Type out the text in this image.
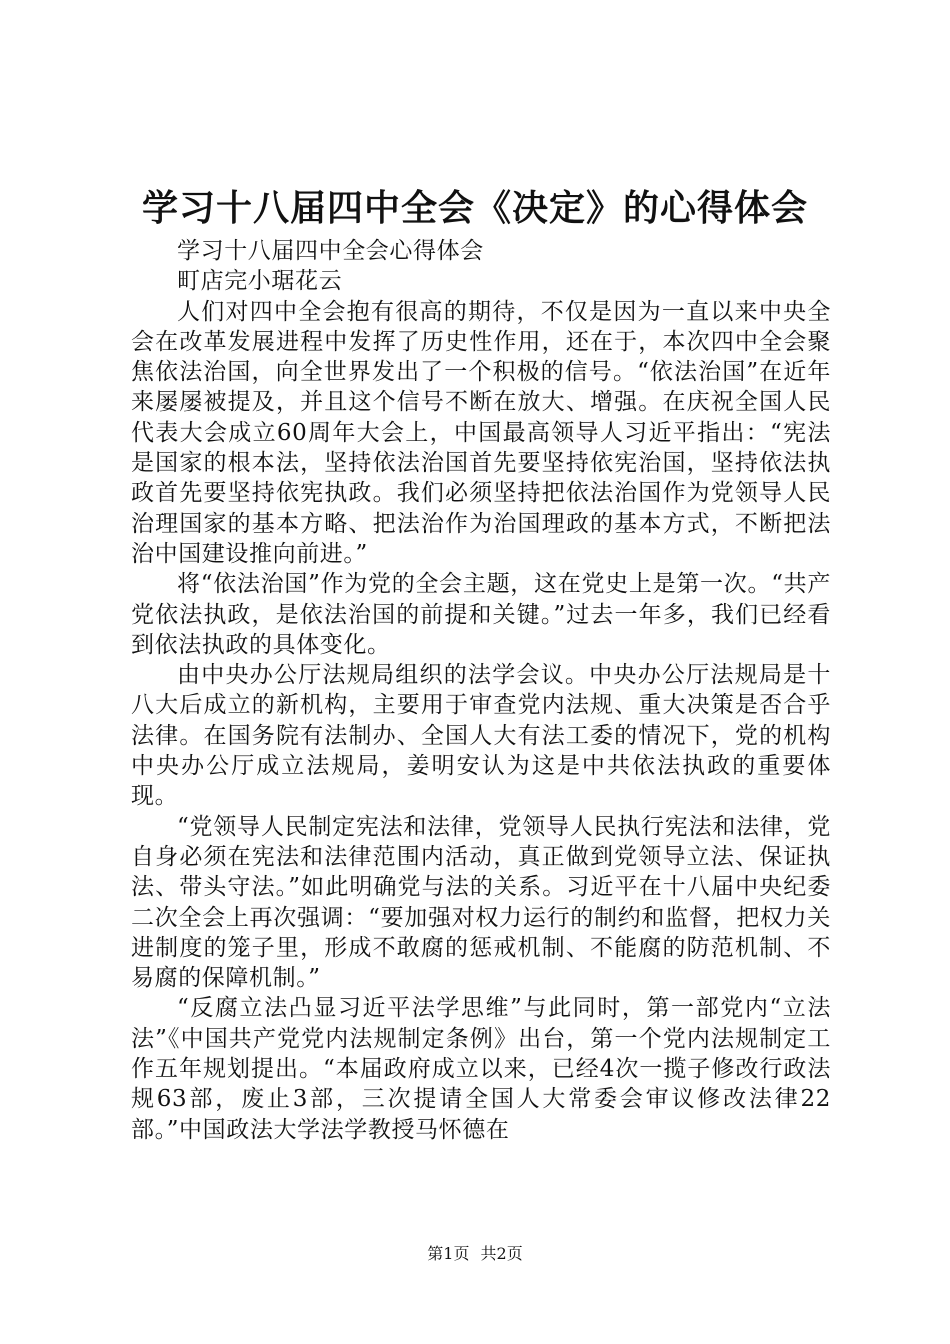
学习十八届四中全会《决定》的心得体会

学习十八届四中全会心得体会

町店完小琚花云

人们对四中全会抱有很高的期待，不仅是因为一直以来中央全会在改革发展进程中发挥了历史性作用，还在于，本次四中全会聚焦依法治国，向全世界发出了一个积极的信号。“依法治国”在近年来屡屡被提及，并且这个信号不断在放大、增强。在庆祝全国人民代表大会成立60周年大会上，中国最高领导人习近平指出：“宪法是国家的根本法，坚持依法治国首先要坚持依宪治国，坚持依法执政首先要坚持依宪执政。我们必须坚持把依法治国作为党领导人民治理国家的基本方略、把法治作为治国理政的基本方式，不断把法治中国建设推向前进。”

将“依法治国”作为党的全会主题，这在党史上是第一次。“共产党依法执政，是依法治国的前提和关键。”过去一年多，我们已经看到依法执政的具体变化。

由中央办公厅法规局组织的法学会议。中央办公厅法规局是十八大后成立的新机构，主要用于审查党内法规、重大决策是否合乎法律。在国务院有法制办、全国人大有法工委的情况下，党的机构中央办公厅成立法规局，姜明安认为这是中共依法执政的重要体现。

“党领导人民制定宪法和法律，党领导人民执行宪法和法律，党自身必须在宪法和法律范围内活动，真正做到党领导立法、保证执法、带头守法。”如此明确党与法的关系。习近平在十八届中央纪委二次全会上再次强调：“要加强对权力运行的制约和监督，把权力关进制度的笼子里，形成不敢腐的惩戒机制、不能腐的防范机制、不易腐的保障机制。”

“反腐立法凸显习近平法学思维”与此同时，第一部党内“立法法”《中国共产党党内法规制定条例》出台，第一个党内法规制定工作五年规划提出。“本届政府成立以来，已经4次一揽子修改行政法规63部，废止3部，三次提请全国人大常委会审议修改法律22部。”中国政法大学法学教授马怀德在

第1页 共2页
